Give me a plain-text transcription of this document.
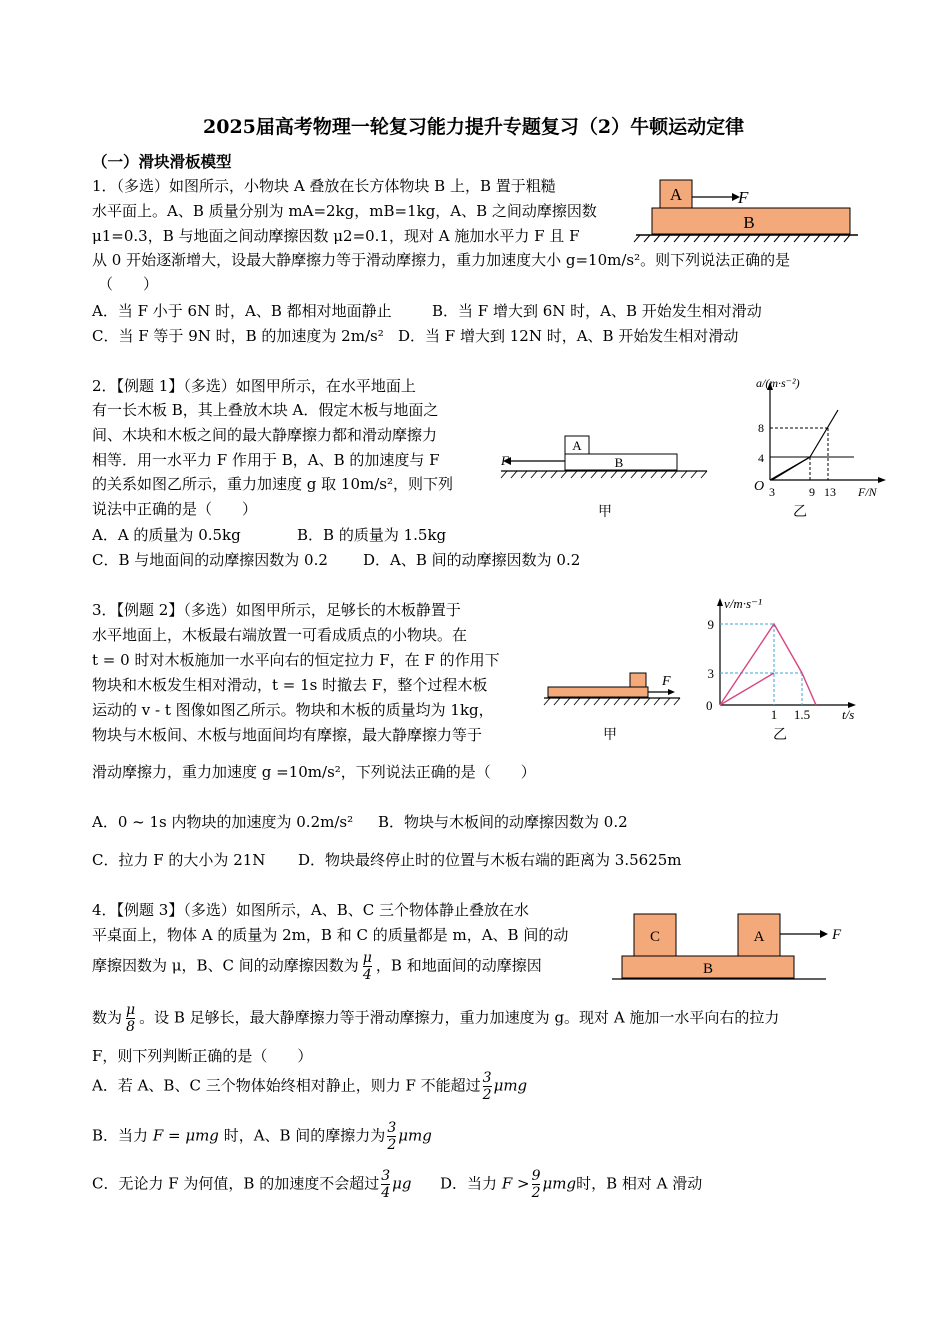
2025届高考物理一轮复习能力提升专题复习（2）牛顿运动定律
（一）滑块滑板模型
1．（多选）如图所示，小物块 A 叠放在长方体物块 B 上，B 置于粗糙
水平面上。A、B 质量分别为 mA=2kg，mB=1kg，A、B 之间动摩擦因数
μ1=0.3，B 与地面之间动摩擦因数 μ2=0.1，现对 A 施加水平力 F 且 F
从 0 开始逐渐增大，设最大静摩擦力等于滑动摩擦力，重力加速度大小 g=10m/s²。则下列说法正确的是
（　　）
A．当 F 小于 6N 时，A、B 都相对地面静止	B．当 F 增大到 6N 时，A、B 开始发生相对滑动
C．当 F 等于 9N 时，B 的加速度为 2m/s² D．当 F 增大到 12N 时，A、B 开始发生相对滑动
A	F
B
2．【例题 1】（多选）如图甲所示，在水平地面上
有一长木板 B，其上叠放木块 A．假定木板与地面之
间、木块和木板之间的最大静摩擦力都和滑动摩擦力
相等．用一水平力 F 作用于 B，A、B 的加速度与 F
的关系如图乙所示，重力加速度 g 取 10m/s²，则下列
说法中正确的是（　　）
A．A 的质量为 0.5kg	B．B 的质量为 1.5kg
C．B 与地面间的动摩擦因数为 0.2 D．A、B 间的动摩擦因数为 0.2
A
B
F
甲
a/(m·s⁻²)
F/N
O
4
8
3	9 13
乙
3．【例题 2】（多选）如图甲所示，足够长的木板静置于
水平地面上，木板最右端放置一可看成质点的小物块。在
t = 0 时对木板施加一水平向右的恒定拉力 F，在 F 的作用下
物块和木板发生相对滑动，t = 1s 时撤去 F，整个过程木板
运动的 v - t 图像如图乙所示。物块和木板的质量均为 1kg，
物块与木板间、木板与地面间均有摩擦，最大静摩擦力等于
滑动摩擦力，重力加速度 g =10m/s²，下列说法正确的是（　　）
A．0 ~ 1s 内物块的加速度为 0.2m/s² B．物块与木板间的动摩擦因数为 0.2
C．拉力 F 的大小为 21N D．物块最终停止时的位置与木板右端的距离为 3.5625m
F
甲
v/m·s⁻¹
t/s
0
3
9
1 1.5
乙
4．【例题 3】（多选）如图所示，A、B、C 三个物体静止叠放在水
平桌面上，物体 A 的质量为 2m，B 和 C 的质量都是 m，A、B 间的动
摩擦因数为 μ，B、C 间的动摩擦因数为 $\frac{\mu}{4}$ ，B 和地面间的动摩擦因
数为 $\frac{\mu}{8}$ 。设 B 足够长，最大静摩擦力等于滑动摩擦力，重力加速度为 g。现对 A 施加一水平向右的拉力
F，则下列判断正确的是（　　）
A．若 A、B、C 三个物体始终相对静止，则力 F 不能超过 $\frac{3}{2}$ μmg
B．当力 F = μmg 时，A、B 间的摩擦力为 $\frac{3}{2}$ μmg
C．无论力 F 为何值，B 的加速度不会超过 $\frac{3}{4}$ μg D．当力 $F > \frac{9}{2}$ μmg时，B 相对 A 滑动
C	A	F
B
